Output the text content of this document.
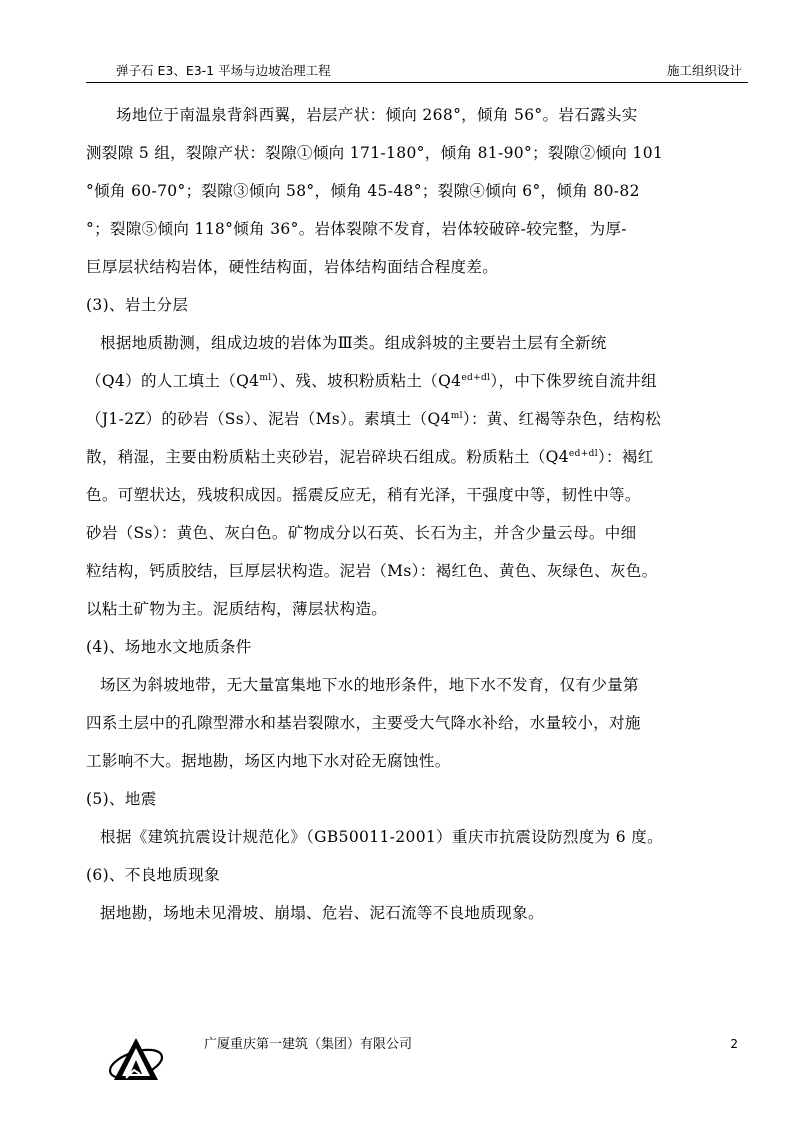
弹子石 E3、E3-1 平场与边坡治理工程	施工组织设计
场地位于南温泉背斜西翼，岩层产状：倾向 268°，倾角 56°。岩石露头实
测裂隙 5 组，裂隙产状：裂隙①倾向 171-180°，倾角 81-90°；裂隙②倾向 101
°倾角 60-70°；裂隙③倾向 58°，倾角 45-48°；裂隙④倾向 6°，倾角 80-82
°；裂隙⑤倾向 118°倾角 36°。岩体裂隙不发育，岩体较破碎-较完整，为厚-
巨厚层状结构岩体，硬性结构面，岩体结构面结合程度差。
(3)、岩土分层
根据地质勘测，组成边坡的岩体为Ⅲ类。组成斜坡的主要岩土层有全新统
（Q4）的人工填土$(Q4^{ml})$、残、坡积粉质粘土$(Q4^{ed+dl})$，中下侏罗统自流井组
（J1-2Z）的砂岩（Ss）、泥岩（Ms）。素填土$(Q4^{ml})$：黄、红褐等杂色，结构松
散，稍湿，主要由粉质粘土夹砂岩，泥岩碎块石组成。粉质粘土$(Q4^{ed+dl})$：褐红
色。可塑状达，残坡积成因。摇震反应无，稍有光泽，干强度中等，韧性中等。
砂岩（Ss）：黄色、灰白色。矿物成分以石英、长石为主，并含少量云母。中细
粒结构，钙质胶结，巨厚层状构造。泥岩（Ms）：褐红色、黄色、灰绿色、灰色。
以粘土矿物为主。泥质结构，薄层状构造。
(4)、场地水文地质条件
场区为斜坡地带，无大量富集地下水的地形条件，地下水不发育，仅有少量第
四系土层中的孔隙型滞水和基岩裂隙水，主要受大气降水补给，水量较小，对施
工影响不大。据地勘，场区内地下水对砼无腐蚀性。
(5)、地震
根据《建筑抗震设计规范化》（GB50011-2001）重庆市抗震设防烈度为 6 度。
(6)、不良地质现象
据地勘，场地未见滑坡、崩塌、危岩、泥石流等不良地质现象。
广厦重庆第一建筑（集团）有限公司	2
